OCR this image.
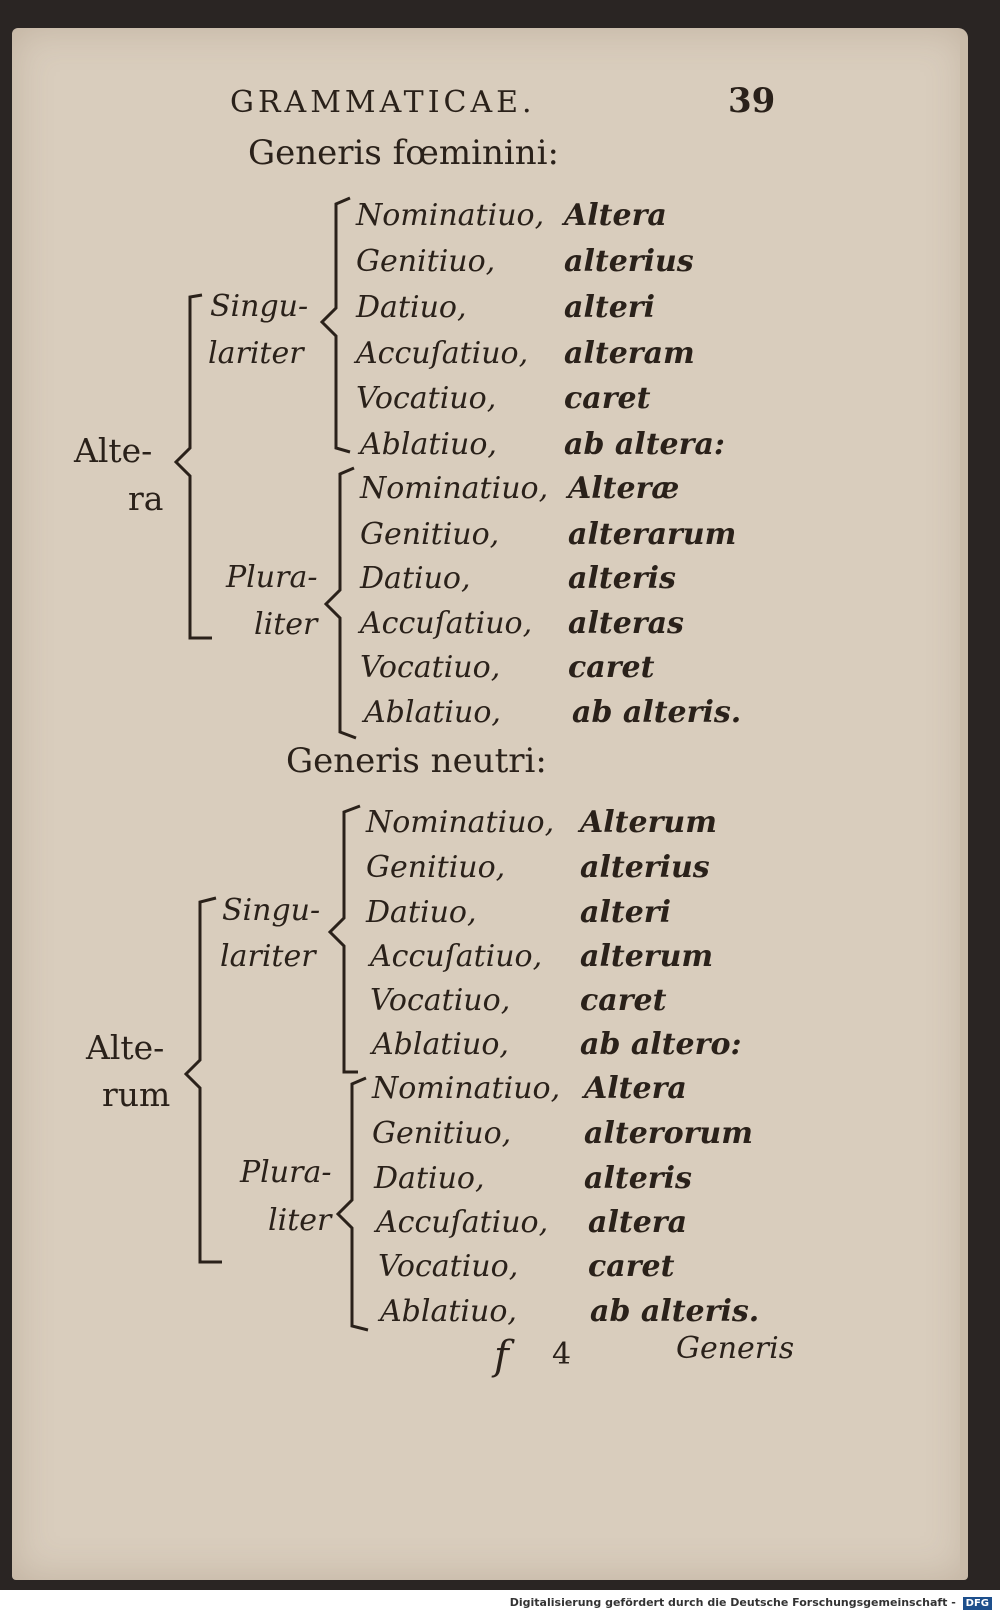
GRAMMATICAE.	39
Generis fœminini:
Alte-
ra
Singu-
lariter
Plura-
liter
Nominatiuo, Altera
Genitiuo, alterius
Datiuo,	alteri
Accuſatiuo, alteram
Vocatiuo, caret
Ablatiuo, ab altera:
Nominatiuo, Alteræ
Genitiuo, alterarum
Datiuo,	alteris
Accuſatiuo, alteras
Vocatiuo, caret
Ablatiuo, ab alteris.
Generis neutri:
Alte-
rum
Singu-
lariter
Plura-
liter
Nominatiuo, Alterum
Genitiuo, alterius
Datiuo,	alteri
Accuſatiuo, alterum
Vocatiuo, caret
Ablatiuo, ab altero:
Nominatiuo, Altera
Genitiuo, alterorum
Datiuo,	alteris
Accuſatiuo, altera
Vocatiuo, caret
Ablatiuo, ab alteris.
f 4	Generis
Digitalisierung gefördert durch die Deutsche Forschungsgemeinschaft - DFG
